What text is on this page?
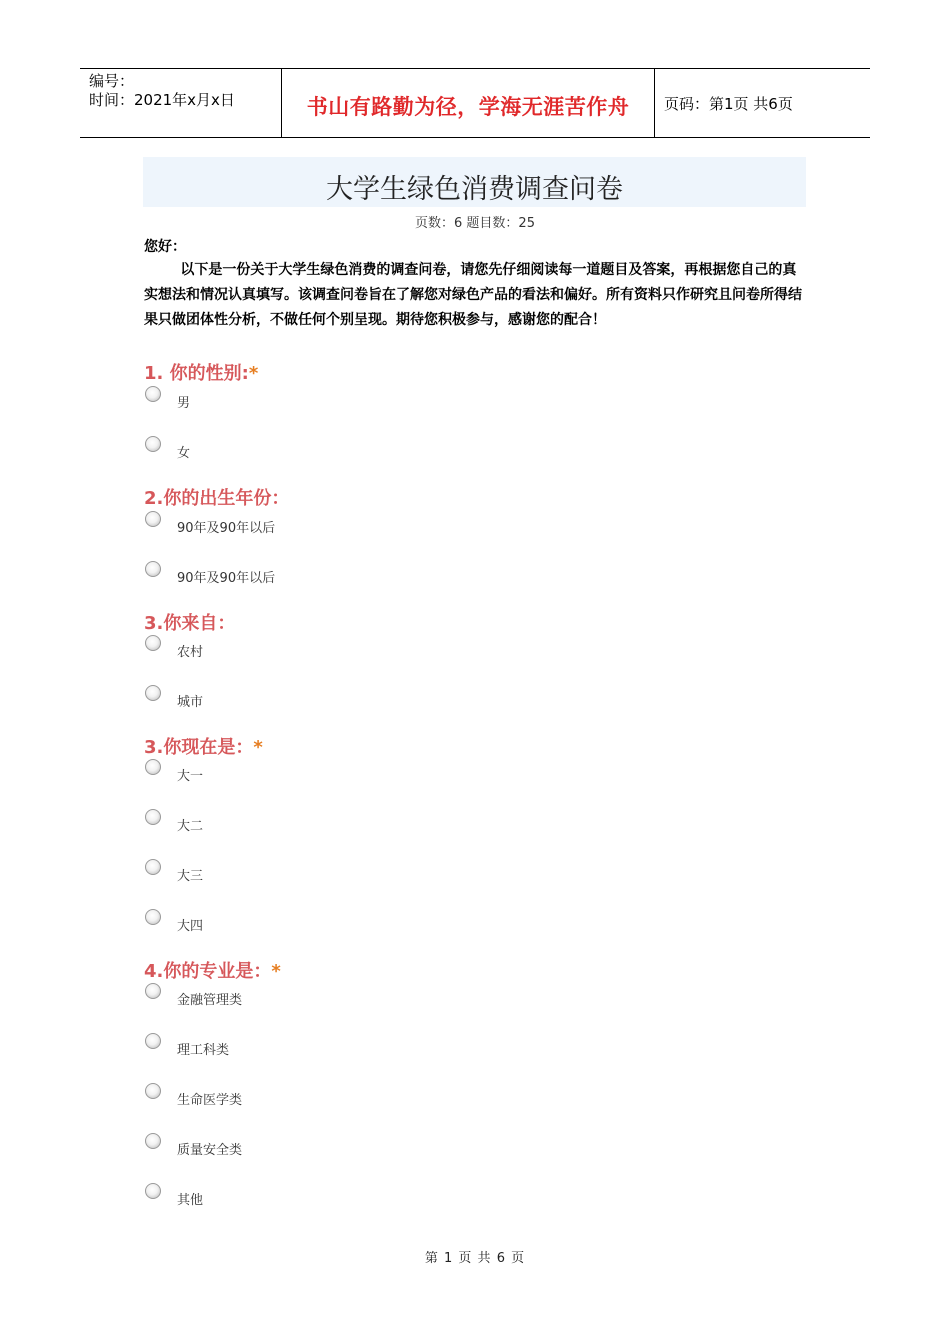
编号：
时间：2021年x月x日	书山有路勤为径，学海无涯苦作舟	页码：第1页 共6页
大学生绿色消费调查问卷
页数：6 题目数：25
您好：
以下是一份关于大学生绿色消费的调查问卷，请您先仔细阅读每一道题目及答案，再根据您自己的真实想法和情况认真填写。该调查问卷旨在了解您对绿色产品的看法和偏好。所有资料只作研究且问卷所得结果只做团体性分析，不做任何个别呈现。期待您积极参与，感谢您的配合！
1. 你的性别:*
男
女
2.你的出生年份：
90年及90年以后
90年及90年以后
3.你来自：
农村
城市
3.你现在是：*
大一
大二
大三
大四
4.你的专业是：*
金融管理类
理工科类
生命医学类
质量安全类
其他
第 1 页 共 6 页
